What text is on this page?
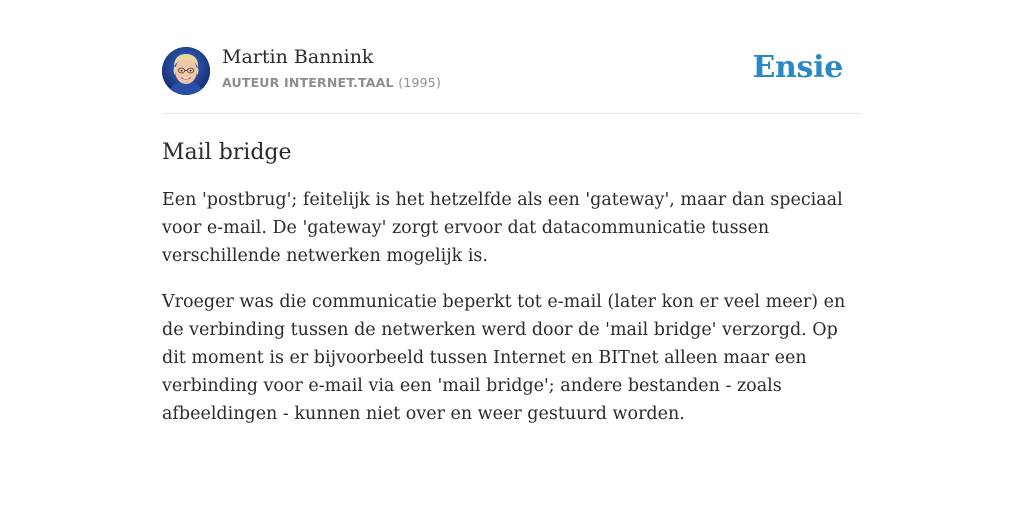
Martin Bannink
AUTEUR INTERNET.TAAL (1995)	Ensie
Mail bridge

Een 'postbrug'; feitelijk is het hetzelfde als een 'gateway', maar dan speciaal voor e-mail. De 'gateway' zorgt ervoor dat datacommunicatie tussen verschillende netwerken mogelijk is.

Vroeger was die communicatie beperkt tot e-mail (later kon er veel meer) en de verbinding tussen de netwerken werd door de 'mail bridge' verzorgd. Op dit moment is er bijvoorbeeld tussen Internet en BITnet alleen maar een verbinding voor e-mail via een 'mail bridge'; andere bestanden - zoals afbeeldingen - kunnen niet over en weer gestuurd worden.
